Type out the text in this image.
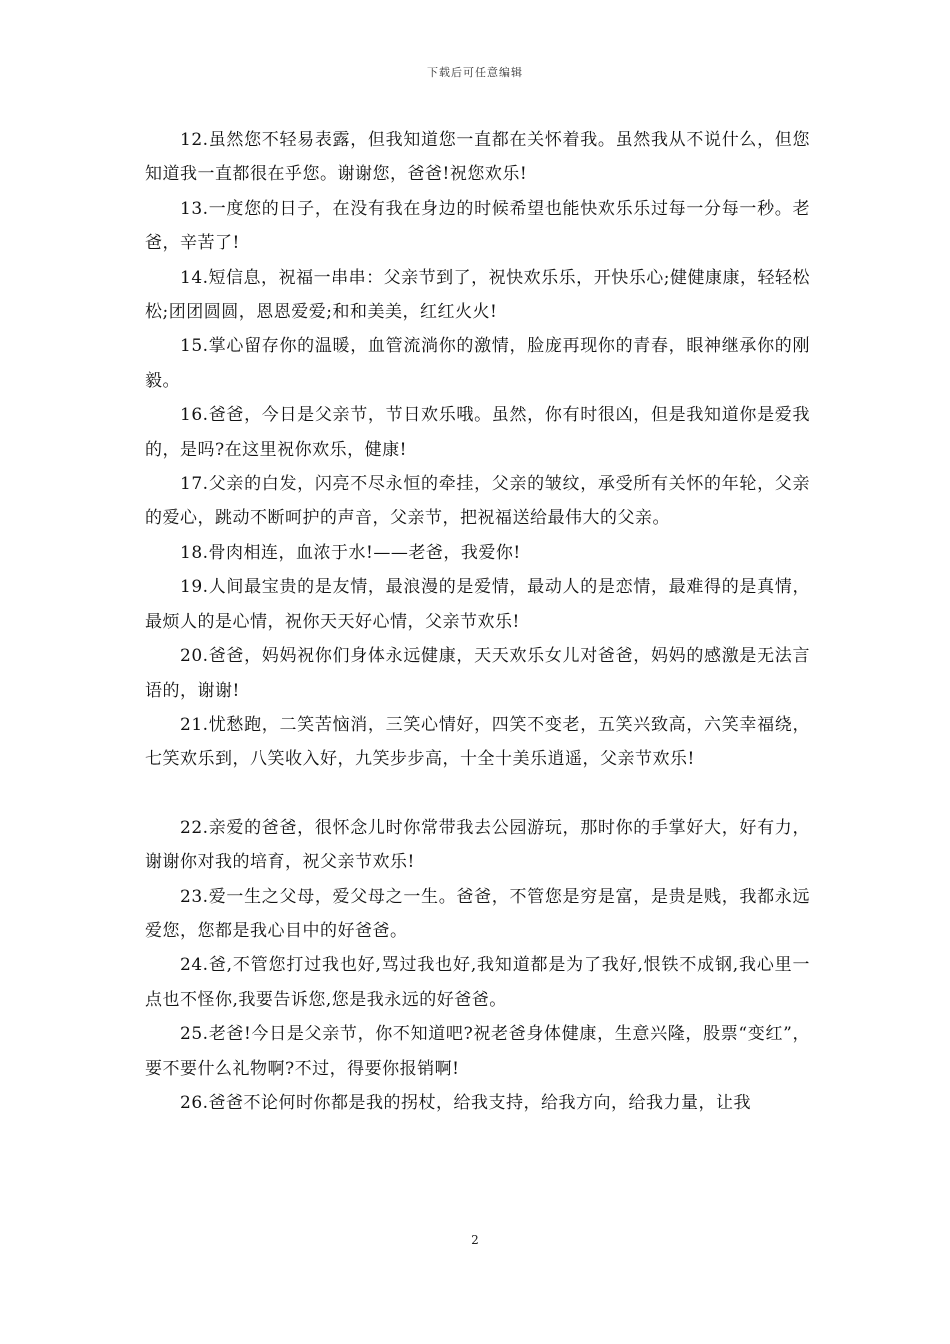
下载后可任意编辑

12.虽然您不轻易表露，但我知道您一直都在关怀着我。虽然我从不说什么，但您知道我一直都很在乎您。谢谢您，爸爸!祝您欢乐!

13.一度您的日子，在没有我在身边的时候希望也能快欢乐乐过每一分每一秒。老爸，辛苦了!

14.短信息，祝福一串串：父亲节到了，祝快欢乐乐，开快乐心;健健康康，轻轻松松;团团圆圆，恩恩爱爱;和和美美，红红火火!

15.掌心留存你的温暖，血管流淌你的激情，脸庞再现你的青春，眼神继承你的刚毅。

16.爸爸，今日是父亲节，节日欢乐哦。虽然，你有时很凶，但是我知道你是爱我的，是吗?在这里祝你欢乐，健康!

17.父亲的白发，闪亮不尽永恒的牵挂，父亲的皱纹，承受所有关怀的年轮，父亲的爱心，跳动不断呵护的声音，父亲节，把祝福送给最伟大的父亲。

18.骨肉相连，血浓于水!——老爸，我爱你!

19.人间最宝贵的是友情，最浪漫的是爱情，最动人的是恋情，最难得的是真情，最烦人的是心情，祝你天天好心情，父亲节欢乐!

20.爸爸，妈妈祝你们身体永远健康，天天欢乐女儿对爸爸，妈妈的感激是无法言语的，谢谢!

21.忧愁跑，二笑苦恼消，三笑心情好，四笑不变老，五笑兴致高，六笑幸福绕，七笑欢乐到，八笑收入好，九笑步步高，十全十美乐逍遥，父亲节欢乐!

22.亲爱的爸爸，很怀念儿时你常带我去公园游玩，那时你的手掌好大，好有力，谢谢你对我的培育，祝父亲节欢乐!

23.爱一生之父母，爱父母之一生。爸爸，不管您是穷是富，是贵是贱，我都永远爱您，您都是我心目中的好爸爸。

24.爸,不管您打过我也好,骂过我也好,我知道都是为了我好,恨铁不成钢,我心里一点也不怪你,我要告诉您,您是我永远的好爸爸。

25.老爸!今日是父亲节，你不知道吧?祝老爸身体健康，生意兴隆，股票“变红”，要不要什么礼物啊?不过，得要你报销啊!

26.爸爸不论何时你都是我的拐杖，给我支持，给我方向，给我力量，让我

2
